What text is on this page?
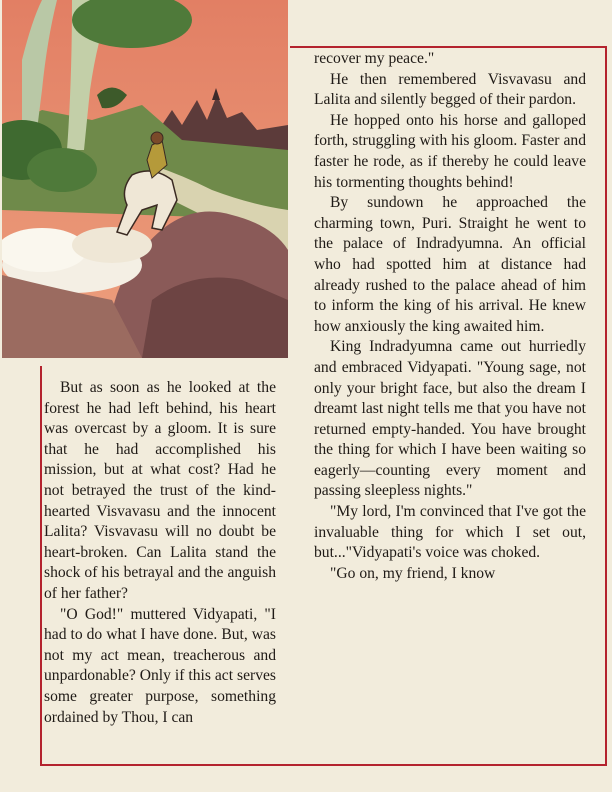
recover my peace."

He then remembered Visvavasu and Lalita and silently begged of their pardon.

He hopped onto his horse and galloped forth, struggling with his gloom. Faster and faster he rode, as if thereby he could leave his tormenting thoughts behind!

By sundown he approached the charming town, Puri. Straight he went to the palace of Indradyumna. An official who had spotted him at distance had already rushed to the palace ahead of him to inform the king of his arrival. He knew how anxiously the king awaited him.

King Indradyumna came out hurriedly and embraced Vidyapati. "Young sage, not only your bright face, but also the dream I dreamt last night tells me that you have not returned empty-handed. You have brought the thing for which I have been waiting so eagerly—counting every moment and passing sleepless nights."

"My lord, I'm convinced that I've got the invaluable thing for which I set out, but..."Vidyapati's voice was choked.

"Go on, my friend, I know

But as soon as he looked at the forest he had left behind, his heart was overcast by a gloom. It is sure that he had accomplished his mission, but at what cost? Had he not betrayed the trust of the kind-hearted Visvavasu and the innocent Lalita? Visvavasu will no doubt be heart-broken. Can Lalita stand the shock of his betrayal and the anguish of her father?

"O God!" muttered Vidyapati, "I had to do what I have done. But, was not my act mean, treacherous and unpardonable? Only if this act serves some greater purpose, something ordained by Thou, I can
